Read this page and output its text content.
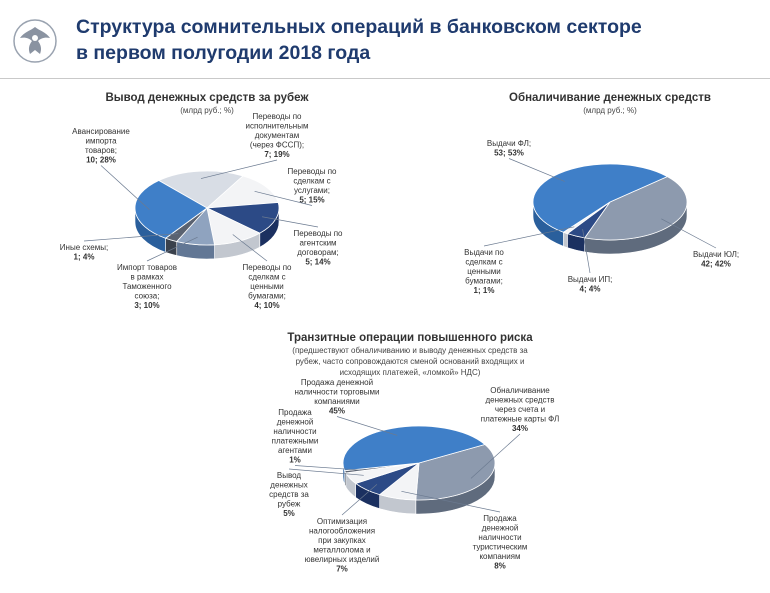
Структура сомнительных операций в банковском секторе
в первом полугодии 2018 года
Вывод денежных средств за рубеж
(млрд руб.; %)
Переводы по исполнительным документам (через ФССП); 7; 19%
Переводы по сделкам с услугами; 5; 15%
Переводы по агентским договорам; 5; 14%
Переводы по сделкам с ценными бумагами; 4; 10%
Импорт товаров в рамках Таможенного союза; 3; 10%
Иные схемы; 1; 4%
Авансирование импорта товаров; 10; 28%
Обналичивание денежных средств
(млрд руб.; %)
Выдачи ЮЛ; 42; 42%
Выдачи ИП; 4; 4%
Выдачи по сделкам с ценными бумагами; 1; 1%
Выдачи ФЛ; 53; 53%
Транзитные операции повышенного риска
(предшествуют обналичиванию и выводу денежных средств за
рубеж, часто сопровождаются сменой оснований входящих и
исходящих платежей, «ломкой» НДС)
Обналичивание денежных средств через счета и платежные карты ФЛ 34%
Продажа денежной наличности туристическим компаниям 8%
Оптимизация налогообложения при закупках металлолома и ювелирных изделий 7%
Вывод денежных средств за рубеж 5%
Продажа денежной наличности платежными агентами 1%
Продажа денежной наличности торговыми компаниями 45%
